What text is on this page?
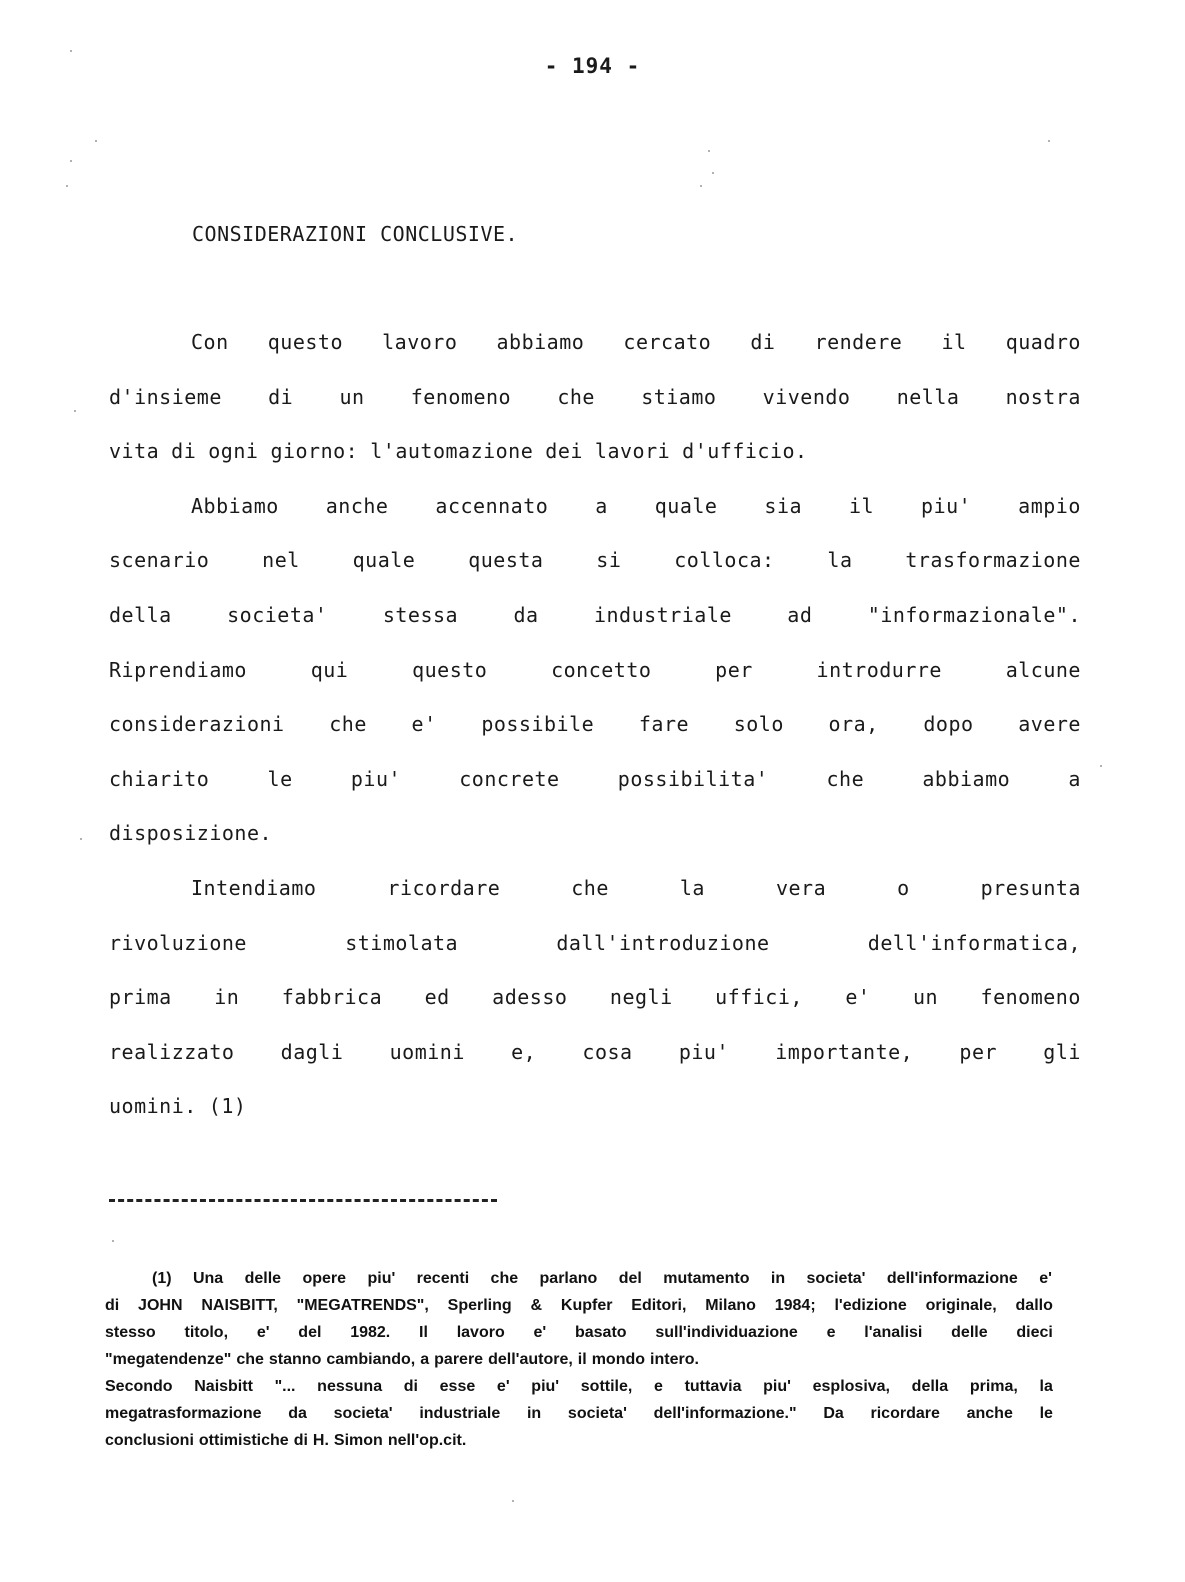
- 194 -
CONSIDERAZIONI CONCLUSIVE.
Con questo lavoro abbiamo cercato di rendere il quadro
d'insieme di un fenomeno che stiamo vivendo nella nostra
vita di ogni giorno: l'automazione dei lavori d'ufficio.
Abbiamo anche accennato a quale sia il piu' ampio
scenario	nel	quale	questa	si	colloca:	la	trasformazione
della	societa'	stessa	da	industriale	ad	"informazionale".
Riprendiamo	qui	questo	concetto	per	introdurre	alcune
considerazioni che e' possibile fare solo ora, dopo avere
chiarito	le	piu'	concrete	possibilita'	che	abbiamo	a
disposizione.
Intendiamo	ricordare	che	la	vera	o	presunta
rivoluzione	stimolata	dall'introduzione	dell'informatica,
prima in fabbrica ed adesso negli uffici, e' un fenomeno
realizzato dagli uomini e, cosa piu' importante, per gli
uomini. (1)
(1) Una delle opere piu' recenti che parlano del mutamento in societa' dell'informazione e'
di JOHN NAISBITT, "MEGATRENDS", Sperling & Kupfer Editori, Milano 1984; l'edizione originale, dallo
stesso titolo, e' del 1982. Il lavoro e' basato sull'individuazione e l'analisi delle dieci
"megatendenze" che stanno cambiando, a parere dell'autore, il mondo intero.
Secondo Naisbitt "... nessuna di esse e' piu' sottile, e tuttavia piu' esplosiva, della prima, la
megatrasformazione da societa' industriale in societa' dell'informazione." Da ricordare anche le
conclusioni ottimistiche di H. Simon nell'op.cit.
